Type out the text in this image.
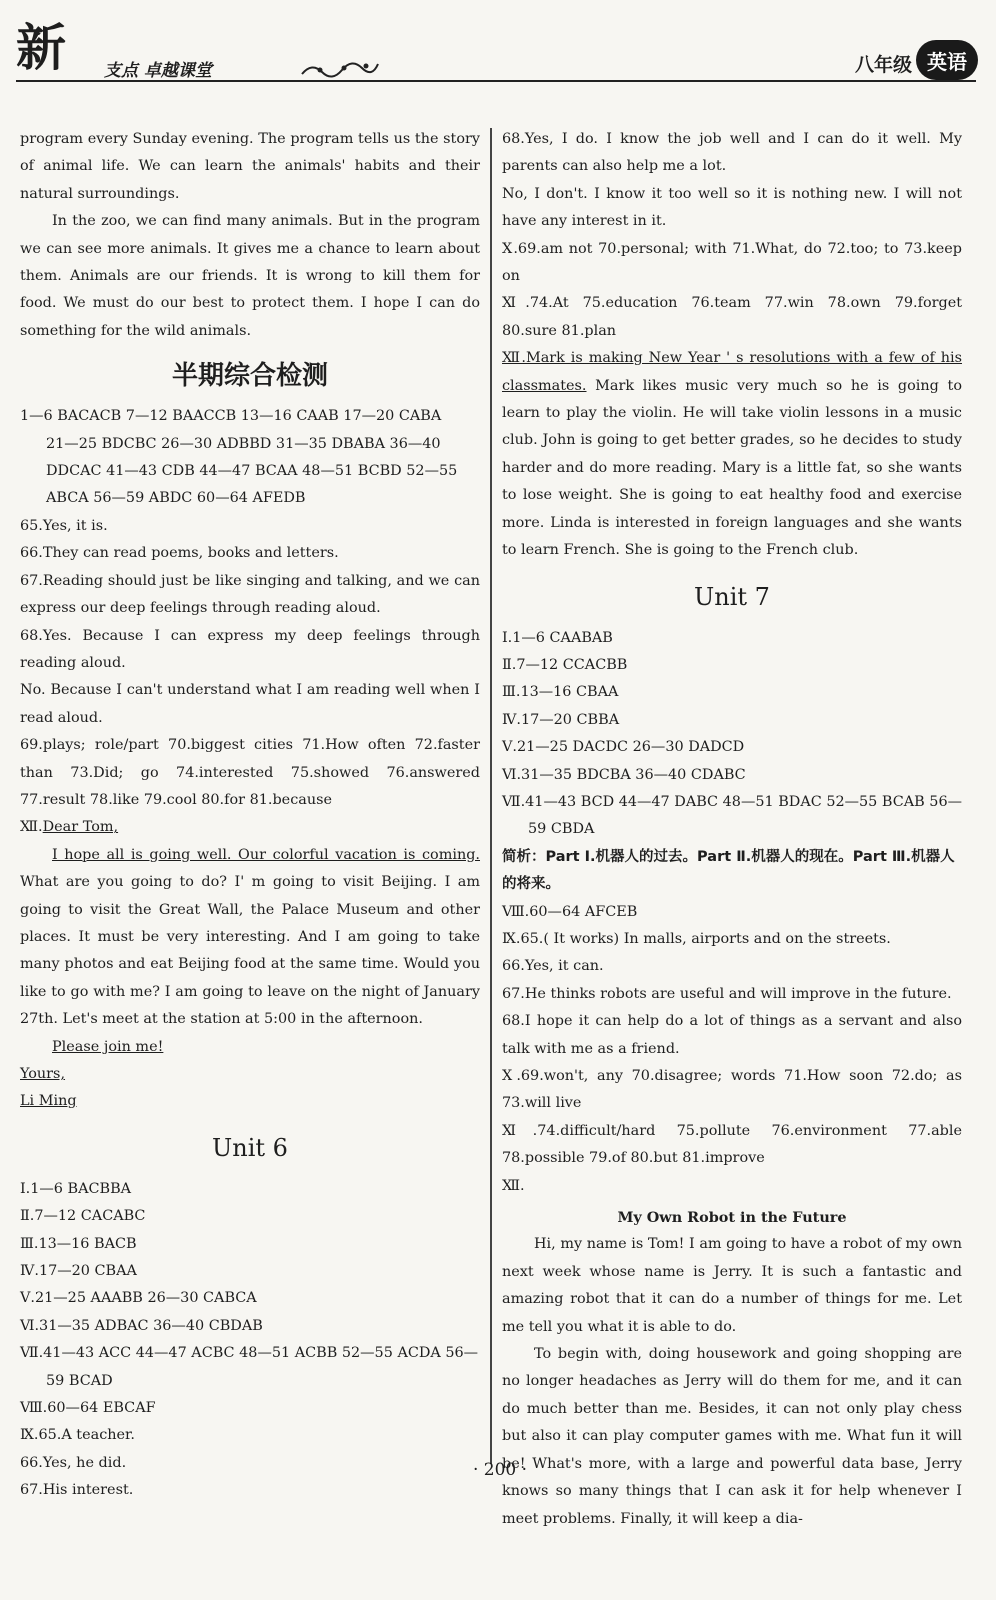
新 支点 卓越课堂	八年级 英语

program every Sunday evening. The program tells us the story of animal life. We can learn the animals' habits and their natural surroundings.

In the zoo, we can find many animals. But in the program we can see more animals. It gives me a chance to learn about them. Animals are our friends. It is wrong to kill them for food. We must do our best to protect them. I hope I can do something for the wild animals.

半期综合检测

1—6 BACACB 7—12 BAACCB 13—16 CAAB 17—20 CABA

21—25 BDCBC 26—30 ADBBD 31—35 DBABA 36—40 DDCAC 41—43 CDB 44—47 BCAA 48—51 BCBD 52—55 ABCA 56—59 ABDC 60—64 AFEDB

65.Yes, it is.

66.They can read poems, books and letters.

67.Reading should just be like singing and talking, and we can express our deep feelings through reading aloud.

68.Yes. Because I can express my deep feelings through reading aloud.

No. Because I can't understand what I am reading well when I read aloud.

69.plays; role/part 70.biggest cities 71.How often 72.faster than 73.Did; go 74.interested 75.showed 76.answered 77.result 78.like 79.cool 80.for 81.because

Ⅻ.Dear Tom,

I hope all is going well. Our colorful vacation is coming. What are you going to do? I' m going to visit Beijing. I am going to visit the Great Wall, the Palace Museum and other places. It must be very interesting. And I am going to take many photos and eat Beijing food at the same time. Would you like to go with me? I am going to leave on the night of January 27th. Let's meet at the station at 5:00 in the afternoon.

Please join me!

Yours,

Li Ming

Unit 6

Ⅰ.1—6 BACBBA

Ⅱ.7—12 CACABC

Ⅲ.13—16 BACB

Ⅳ.17—20 CBAA

Ⅴ.21—25 AAABB 26—30 CABCA

Ⅵ.31—35 ADBAC 36—40 CBDAB

Ⅶ.41—43 ACC 44—47 ACBC 48—51 ACBB 52—55 ACDA 56—59 BCAD

Ⅷ.60—64 EBCAF

Ⅸ.65.A teacher.

66.Yes, he did.

67.His interest.

68.Yes, I do. I know the job well and I can do it well. My parents can also help me a lot.

No, I don't. I know it too well so it is nothing new. I will not have any interest in it.

Ⅹ.69.am not 70.personal; with 71.What, do 72.too; to 73.keep on

Ⅺ.74.At 75.education 76.team 77.win 78.own 79.forget 80.sure 81.plan

Ⅻ.Mark is making New Year ' s resolutions with a few of his classmates. Mark likes music very much so he is going to learn to play the violin. He will take violin lessons in a music club. John is going to get better grades, so he decides to study harder and do more reading. Mary is a little fat, so she wants to lose weight. She is going to eat healthy food and exercise more. Linda is interested in foreign languages and she wants to learn French. She is going to the French club.

Unit 7

Ⅰ.1—6 CAABAB

Ⅱ.7—12 CCACBB

Ⅲ.13—16 CBAA

Ⅳ.17—20 CBBA

Ⅴ.21—25 DACDC 26—30 DADCD

Ⅵ.31—35 BDCBA 36—40 CDABC

Ⅶ.41—43 BCD 44—47 DABC 48—51 BDAC 52—55 BCAB 56—59 CBDA

简析：Part Ⅰ.机器人的过去。Part Ⅱ.机器人的现在。Part Ⅲ.机器人的将来。

Ⅷ.60—64 AFCEB

Ⅸ.65.( It works) In malls, airports and on the streets.

66.Yes, it can.

67.He thinks robots are useful and will improve in the future.

68.I hope it can help do a lot of things as a servant and also talk with me as a friend.

Ⅹ.69.won't, any 70.disagree; words 71.How soon 72.do; as 73.will live

Ⅺ.74.difficult/hard 75.pollute 76.environment 77.able 78.possible 79.of 80.but 81.improve

Ⅻ.

My Own Robot in the Future

Hi, my name is Tom! I am going to have a robot of my own next week whose name is Jerry. It is such a fantastic and amazing robot that it can do a number of things for me. Let me tell you what it is able to do.

To begin with, doing housework and going shopping are no longer headaches as Jerry will do them for me, and it can do much better than me. Besides, it can not only play chess but also it can play computer games with me. What fun it will be! What's more, with a large and powerful data base, Jerry knows so many things that I can ask it for help whenever I meet problems. Finally, it will keep a dia-

· 200 ·
